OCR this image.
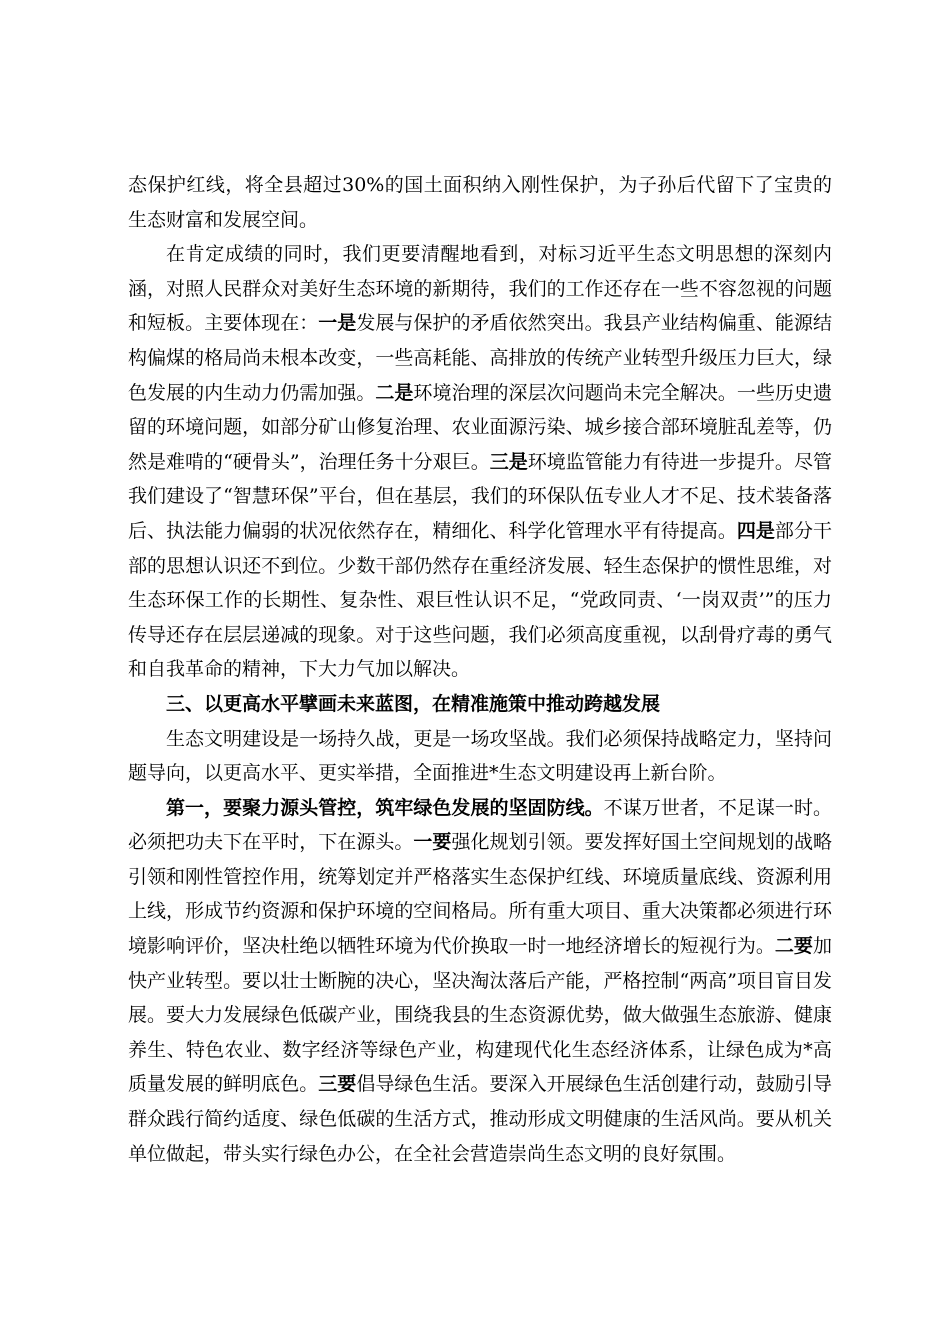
态保护红线，将全县超过30%的国土面积纳入刚性保护，为子孙后代留下了宝贵的生态财富和发展空间。

在肯定成绩的同时，我们更要清醒地看到，对标习近平生态文明思想的深刻内涵，对照人民群众对美好生态环境的新期待，我们的工作还存在一些不容忽视的问题和短板。主要体现在：一是发展与保护的矛盾依然突出。我县产业结构偏重、能源结构偏煤的格局尚未根本改变，一些高耗能、高排放的传统产业转型升级压力巨大，绿色发展的内生动力仍需加强。二是环境治理的深层次问题尚未完全解决。一些历史遗留的环境问题，如部分矿山修复治理、农业面源污染、城乡接合部环境脏乱差等，仍然是难啃的“硬骨头”，治理任务十分艰巨。三是环境监管能力有待进一步提升。尽管我们建设了“智慧环保”平台，但在基层，我们的环保队伍专业人才不足、技术装备落后、执法能力偏弱的状况依然存在，精细化、科学化管理水平有待提高。四是部分干部的思想认识还不到位。少数干部仍然存在重经济发展、轻生态保护的惯性思维，对生态环保工作的长期性、复杂性、艰巨性认识不足，“党政同责、‘一岗双责’”的压力传导还存在层层递减的现象。对于这些问题，我们必须高度重视，以刮骨疗毒的勇气和自我革命的精神，下大力气加以解决。

三、以更高水平擘画未来蓝图，在精准施策中推动跨越发展

生态文明建设是一场持久战，更是一场攻坚战。我们必须保持战略定力，坚持问题导向，以更高水平、更实举措，全面推进*生态文明建设再上新台阶。

第一，要聚力源头管控，筑牢绿色发展的坚固防线。不谋万世者，不足谋一时。必须把功夫下在平时，下在源头。一要强化规划引领。要发挥好国土空间规划的战略引领和刚性管控作用，统筹划定并严格落实生态保护红线、环境质量底线、资源利用上线，形成节约资源和保护环境的空间格局。所有重大项目、重大决策都必须进行环境影响评价，坚决杜绝以牺牲环境为代价换取一时一地经济增长的短视行为。二要加快产业转型。要以壮士断腕的决心，坚决淘汰落后产能，严格控制“两高”项目盲目发展。要大力发展绿色低碳产业，围绕我县的生态资源优势，做大做强生态旅游、健康养生、特色农业、数字经济等绿色产业，构建现代化生态经济体系，让绿色成为*高质量发展的鲜明底色。三要倡导绿色生活。要深入开展绿色生活创建行动，鼓励引导群众践行简约适度、绿色低碳的生活方式，推动形成文明健康的生活风尚。要从机关单位做起，带头实行绿色办公，在全社会营造崇尚生态文明的良好氛围。
